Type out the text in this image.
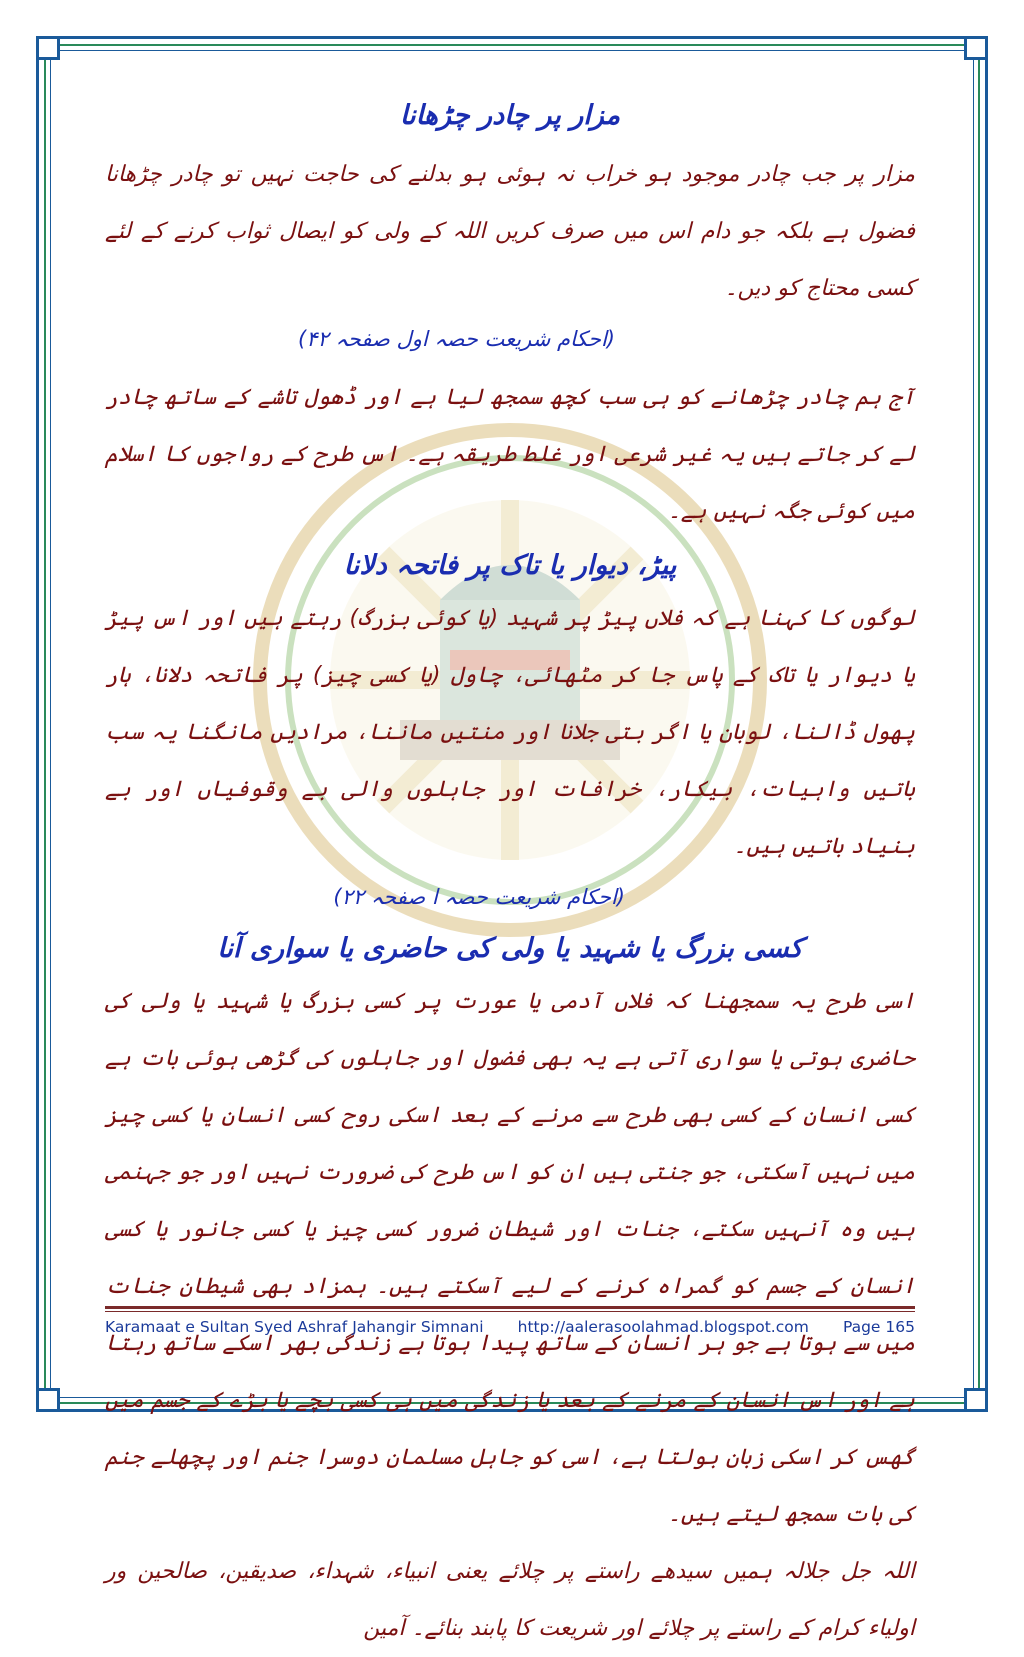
مزار پر چادر چڑھانا

مزار پر جب چادر موجود ہو خراب نہ ہوئی ہو بدلنے کی حاجت نہیں تو چادر چڑھانا فضول ہے بلکہ جو دام اس میں صرف کریں اللہ کے ولی کو ایصال ثواب کرنے کے لئے کسی محتاج کو دیں۔

(احکام شریعت حصہ اول صفحہ ۴۲)

آج ہم چادر چڑھانے کو ہی سب کچھ سمجھ لیا ہے اور ڈھول تاشے کے ساتھ چادر لے کر جاتے ہیں یہ غیر شرعی اور غلط طریقہ ہے۔ اس طرح کے رواجوں کا اسلام میں کوئی جگہ نہیں ہے۔

پیڑ، دیوار یا تاک پر فاتحہ دلانا

لوگوں کا کہنا ہے کہ فلاں پیڑ پر شہید (یا کوئی بزرگ) رہتے ہیں اور اس پیڑ یا دیوار یا تاک کے پاس جا کر مٹھائی، چاول (یا کسی چیز) پر فاتحہ دلانا، ہار پھول ڈالنا، لوبان یا اگر بتی جلانا اور منتیں ماننا، مرادیں مانگنا یہ سب باتیں واہیات، بیکار، خرافات اور جاہلوں والی بے وقوفیاں اور بے بنیاد باتیں ہیں۔

(احکام شریعت حصہ ا صفحہ ۲۲)

کسی بزرگ یا شہید یا ولی کی حاضری یا سواری آنا

اسی طرح یہ سمجھنا کہ فلاں آدمی یا عورت پر کسی بزرگ یا شہید یا ولی کی حاضری ہوتی یا سواری آتی ہے یہ بھی فضول اور جاہلوں کی گڑھی ہوئی بات ہے کسی انسان کے کسی بھی طرح سے مرنے کے بعد اسکی روح کسی انسان یا کسی چیز میں نہیں آسکتی، جو جنتی ہیں ان کو اس طرح کی ضرورت نہیں اور جو جہنمی ہیں وہ آنہیں سکتے، جنات اور شیطان ضرور کسی چیز یا کسی جانور یا کسی انسان کے جسم کو گمراہ کرنے کے لیے آسکتے ہیں۔ ہمزاد بھی شیطان جنات میں سے ہوتا ہے جو ہر انسان کے ساتھ پیدا ہوتا ہے زندگی بھر اسکے ساتھ رہتا ہے اور اس انسان کے مرنے کے بعد یا زندگی میں ہی کسی بچے یا بڑے کے جسم میں گھس کر اسکی زبان بولتا ہے، اسی کو جاہل مسلمان دوسرا جنم اور پچھلے جنم کی بات سمجھ لیتے ہیں۔

اللہ جل جلالہ ہمیں سیدھے راستے پر چلائے یعنی انبیاء، شہداء، صدیقین، صالحین ور اولیاء کرام کے راستے پر چلائے اور شریعت کا پابند بنائے۔ آمین

Karamaat e Sultan Syed Ashraf Jahangir Simnani http://aalerasoolahmad.blogspot.com Page 165
